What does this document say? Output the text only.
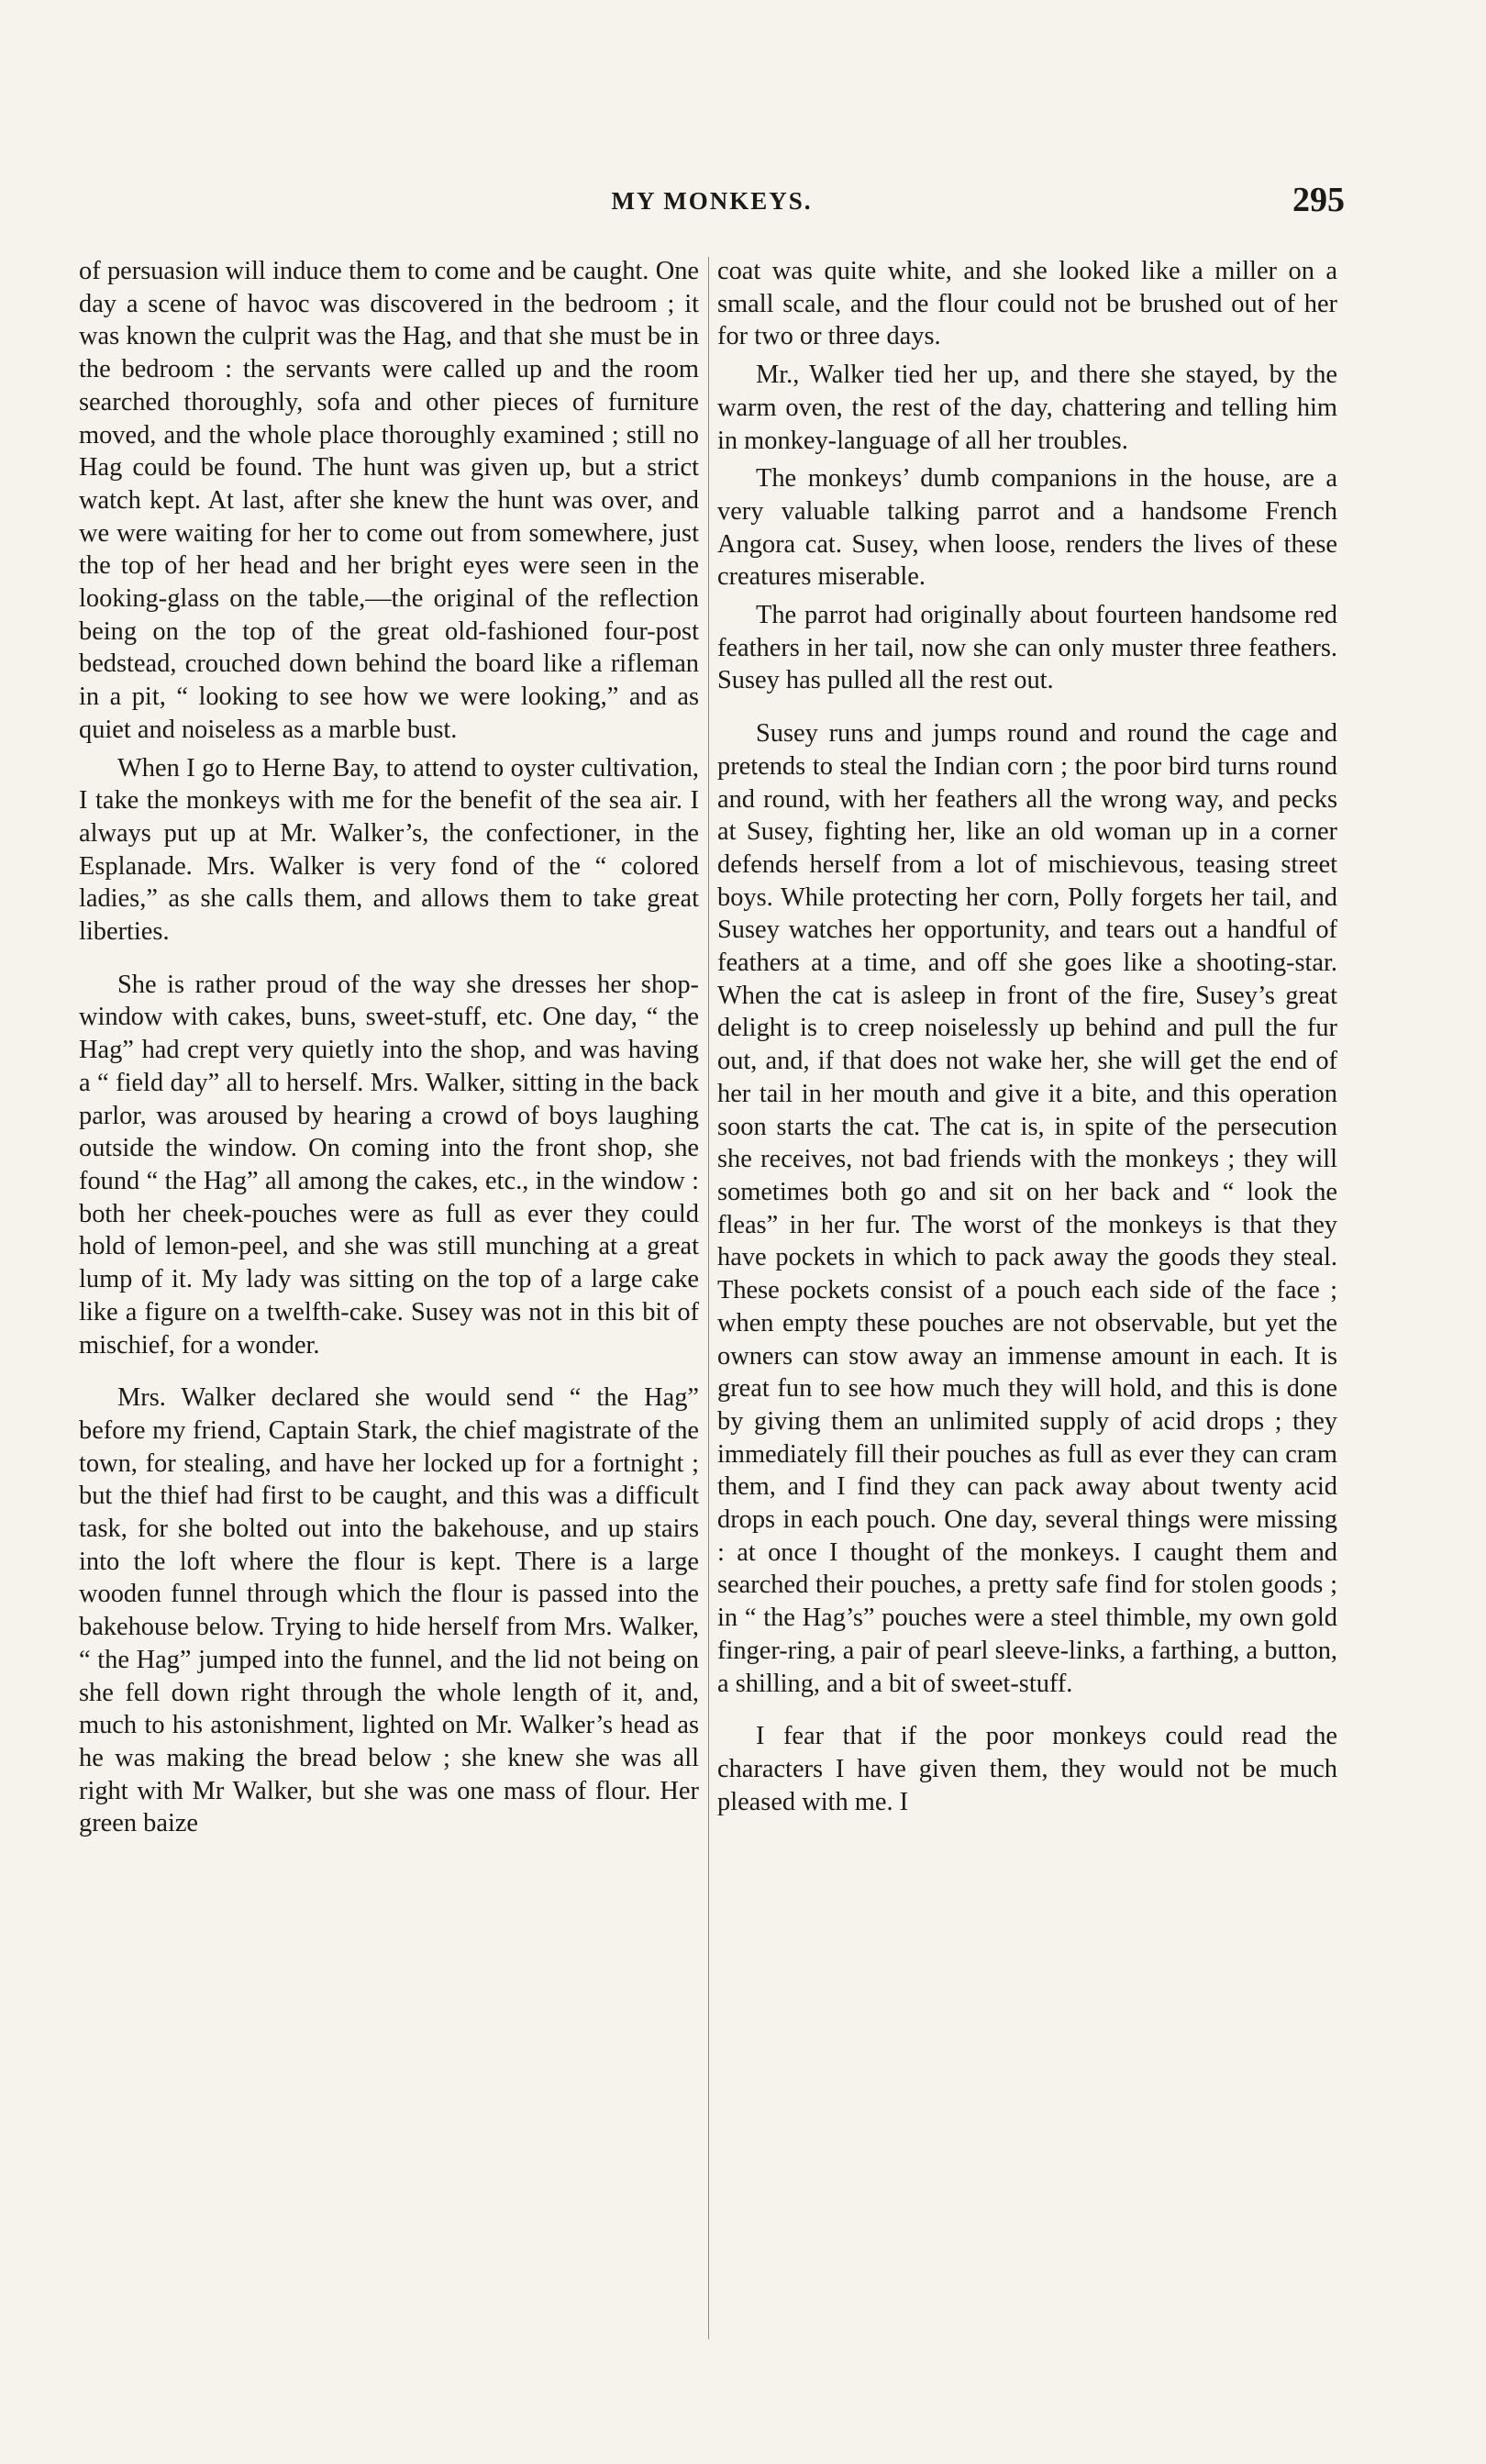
MY MONKEYS.	295

of persuasion will induce them to come and be caught. One day a scene of havoc was discovered in the bedroom ; it was known the culprit was the Hag, and that she must be in the bedroom : the servants were called up and the room searched thoroughly, sofa and other pieces of furniture moved, and the whole place thoroughly examined ; still no Hag could be found. The hunt was given up, but a strict watch kept. At last, after she knew the hunt was over, and we were waiting for her to come out from somewhere, just the top of her head and her bright eyes were seen in the looking-glass on the table,—the original of the reflection being on the top of the great old-fashioned four-post bedstead, crouched down behind the board like a rifleman in a pit, “ looking to see how we were looking,” and as quiet and noiseless as a marble bust.

When I go to Herne Bay, to attend to oyster cultivation, I take the monkeys with me for the benefit of the sea air. I always put up at Mr. Walker’s, the confectioner, in the Esplanade. Mrs. Walker is very fond of the “ colored ladies,” as she calls them, and allows them to take great liberties.

She is rather proud of the way she dresses her shop-window with cakes, buns, sweet-stuff, etc. One day, “ the Hag” had crept very quietly into the shop, and was having a “ field day” all to herself. Mrs. Walker, sitting in the back parlor, was aroused by hearing a crowd of boys laughing outside the window. On coming into the front shop, she found “ the Hag” all among the cakes, etc., in the window : both her cheek-pouches were as full as ever they could hold of lemon-peel, and she was still munching at a great lump of it. My lady was sitting on the top of a large cake like a figure on a twelfth-cake. Susey was not in this bit of mischief, for a wonder.

Mrs. Walker declared she would send “ the Hag” before my friend, Captain Stark, the chief magistrate of the town, for stealing, and have her locked up for a fortnight ; but the thief had first to be caught, and this was a difficult task, for she bolted out into the bakehouse, and up stairs into the loft where the flour is kept. There is a large wooden funnel through which the flour is passed into the bakehouse below. Trying to hide herself from Mrs. Walker, “ the Hag” jumped into the funnel, and the lid not being on she fell down right through the whole length of it, and, much to his astonishment, lighted on Mr. Walker’s head as he was making the bread below ; she knew she was all right with Mr Walker, but she was one mass of flour. Her green baize

coat was quite white, and she looked like a miller on a small scale, and the flour could not be brushed out of her for two or three days.

Mr., Walker tied her up, and there she stayed, by the warm oven, the rest of the day, chattering and telling him in monkey-language of all her troubles.

The monkeys’ dumb companions in the house, are a very valuable talking parrot and a handsome French Angora cat. Susey, when loose, renders the lives of these creatures miserable.

The parrot had originally about fourteen handsome red feathers in her tail, now she can only muster three feathers. Susey has pulled all the rest out.

Susey runs and jumps round and round the cage and pretends to steal the Indian corn ; the poor bird turns round and round, with her feathers all the wrong way, and pecks at Susey, fighting her, like an old woman up in a corner defends herself from a lot of mischievous, teasing street boys. While protecting her corn, Polly forgets her tail, and Susey watches her opportunity, and tears out a handful of feathers at a time, and off she goes like a shooting-star. When the cat is asleep in front of the fire, Susey’s great delight is to creep noiselessly up behind and pull the fur out, and, if that does not wake her, she will get the end of her tail in her mouth and give it a bite, and this operation soon starts the cat. The cat is, in spite of the persecution she receives, not bad friends with the monkeys ; they will sometimes both go and sit on her back and “ look the fleas” in her fur. The worst of the monkeys is that they have pockets in which to pack away the goods they steal. These pockets consist of a pouch each side of the face ; when empty these pouches are not observable, but yet the owners can stow away an immense amount in each. It is great fun to see how much they will hold, and this is done by giving them an unlimited supply of acid drops ; they immediately fill their pouches as full as ever they can cram them, and I find they can pack away about twenty acid drops in each pouch. One day, several things were missing : at once I thought of the monkeys. I caught them and searched their pouches, a pretty safe find for stolen goods ; in “ the Hag’s” pouches were a steel thimble, my own gold finger-ring, a pair of pearl sleeve-links, a farthing, a button, a shilling, and a bit of sweet-stuff.

I fear that if the poor monkeys could read the characters I have given them, they would not be much pleased with me. I
